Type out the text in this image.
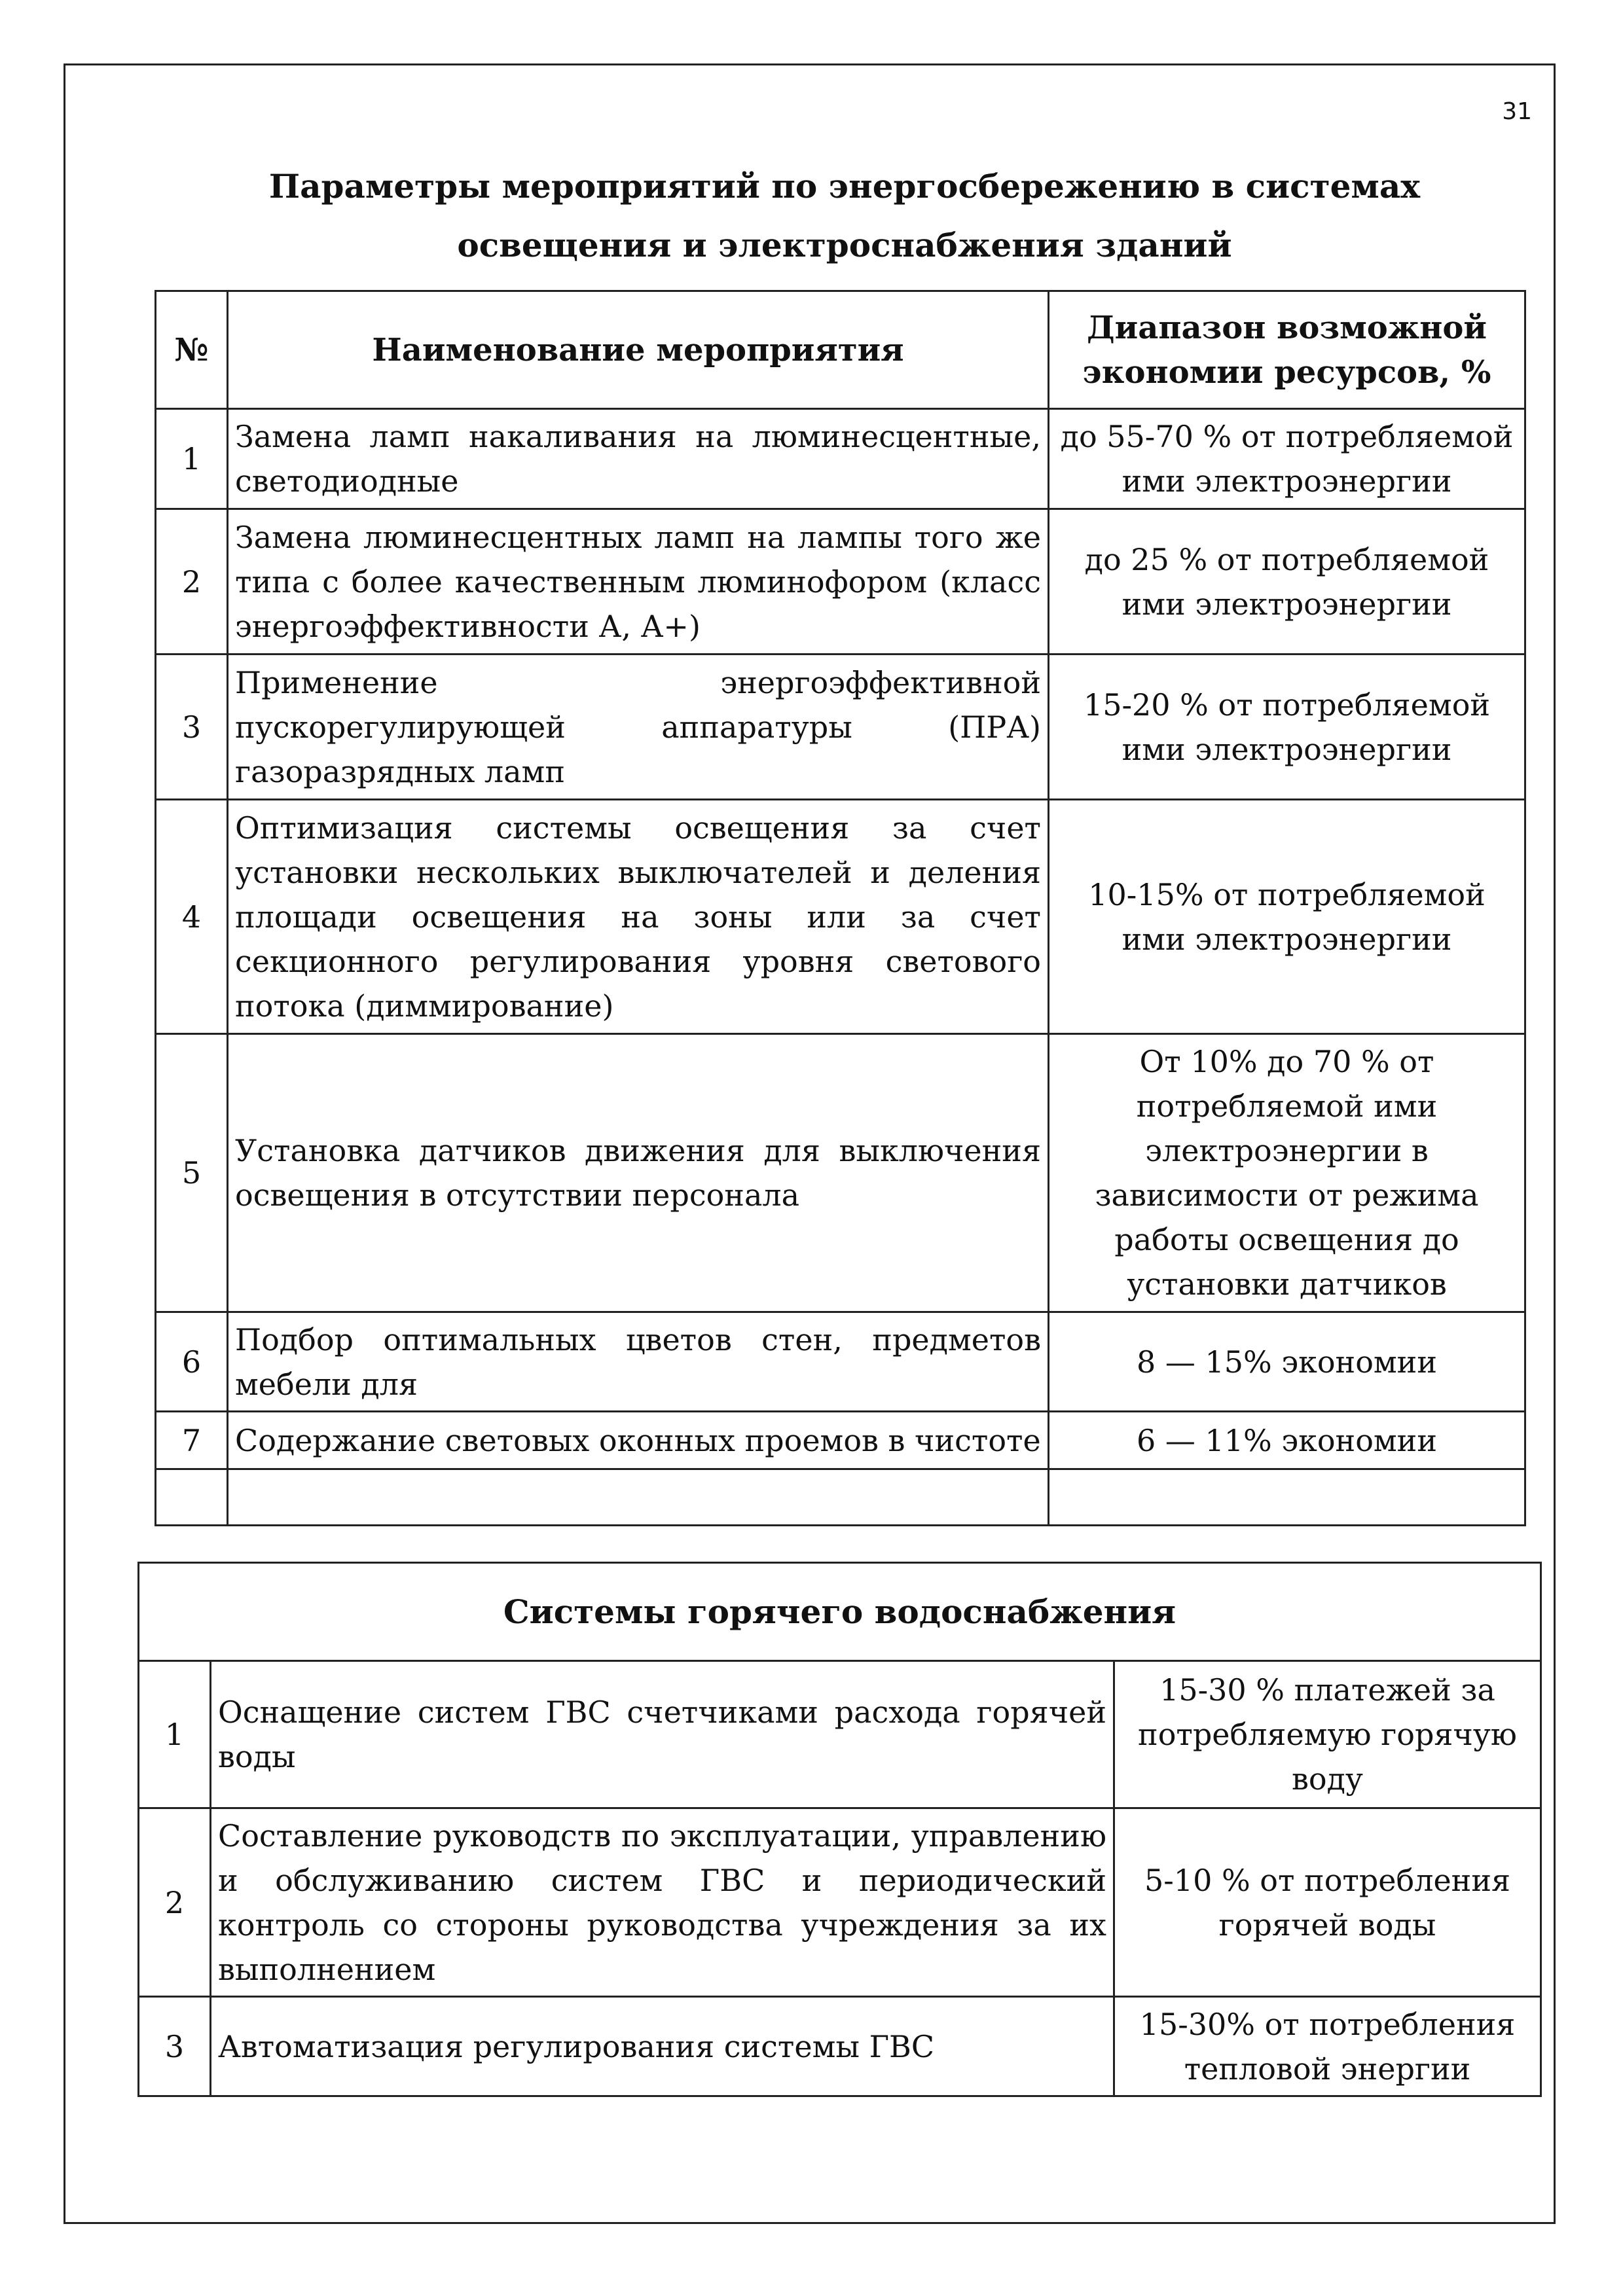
31
Параметры мероприятий по энергосбережению в системах
освещения и электроснабжения зданий
№	Наименование мероприятия	Диапазон возможной
экономии ресурсов, %

1	Замена ламп накаливания на люминесцентные, светодиодные	до 55-70 % от потребляемой ими электроэнергии
2	Замена люминесцентных ламп на лампы того же типа с более качественным люминофором (класс энергоэффективности А, А+)	до 25 % от потребляемой ими электроэнергии
3	Применение энергоэффективной пускорегулирующей аппаратуры (ПРА) газоразрядных ламп	15-20 % от потребляемой ими электроэнергии
4	Оптимизация системы освещения за счет установки нескольких выключателей и деления площади освещения на зоны или за счет секционного регулирования уровня светового потока (диммирование)	10-15% от потребляемой ими электроэнергии
5	Установка датчиков движения для выключения освещения в отсутствии персонала	От 10% до 70 % от потребляемой ими электроэнергии в зависимости от режима работы освещения до установки датчиков
6	Подбор оптимальных цветов стен, предметов мебели для	8 — 15% экономии
7	Содержание световых оконных проемов в чистоте	6 — 11% экономии

Системы горячего водоснабжения		
1	Оснащение систем ГВС счетчиками расхода горячей воды	15-30 % платежей за потребляемую горячую воду
2	Составление руководств по эксплуатации, управлению и обслуживанию систем ГВС и периодический контроль со стороны руководства учреждения за их выполнением	5-10 % от потребления горячей воды
3	Автоматизация регулирования системы ГВС	15-30% от потребления тепловой энергии
